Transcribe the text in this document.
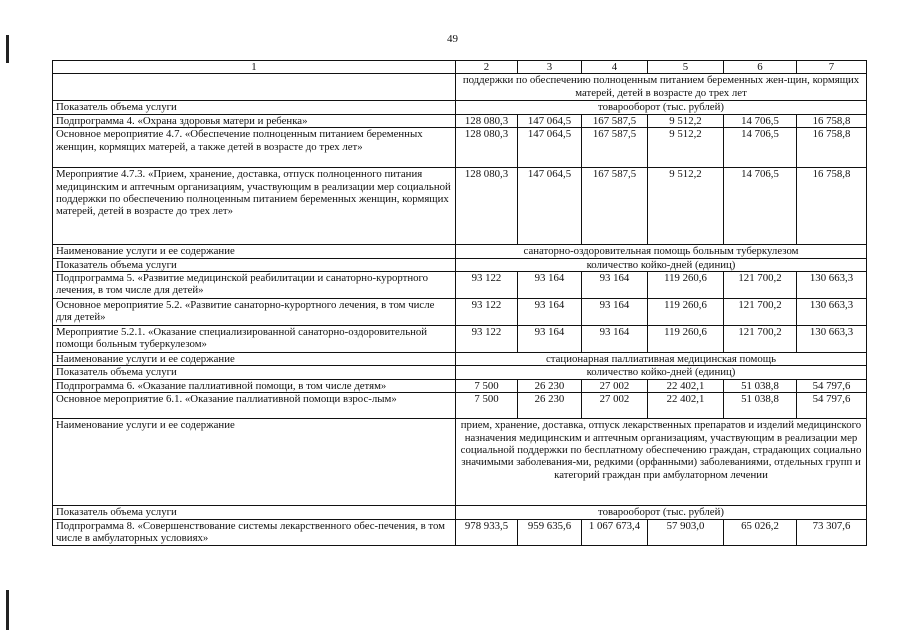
49
1	2	3	4	5	6	7
	поддержки по обеспечению полноценным питанием беременных жен-щин, кормящих матерей, детей в возрасте до трех лет					
Показатель объема услуги	товарооборот (тыс. рублей)					
Подпрограмма 4. «Охрана здоровья матери и ребенка»	128 080,3	147 064,5	167 587,5	9 512,2	14 706,5	16 758,8
Основное мероприятие 4.7. «Обеспечение полноценным питанием беременных женщин, кормящих матерей, а также детей в возрасте до трех лет»	128 080,3	147 064,5	167 587,5	9 512,2	14 706,5	16 758,8
Мероприятие 4.7.3. «Прием, хранение, доставка, отпуск полноценного питания медицинским и аптечным организациям, участвующим в реализации мер социальной поддержки по обеспечению полноценным питанием беременных женщин, кормящих матерей, детей в возрасте до трех лет»	128 080,3	147 064,5	167 587,5	9 512,2	14 706,5	16 758,8
Наименование услуги и ее содержание	санаторно-оздоровительная помощь больным туберкулезом					
Показатель объема услуги	количество койко-дней (единиц)					
Подпрограмма 5. «Развитие медицинской реабилитации и санаторно-курортного лечения, в том числе для детей»	93 122	93 164	93 164	119 260,6	121 700,2	130 663,3
Основное мероприятие 5.2. «Развитие санаторно-курортного лечения, в том числе для детей»	93 122	93 164	93 164	119 260,6	121 700,2	130 663,3
Мероприятие 5.2.1. «Оказание специализированной санаторно-оздоровительной помощи больным туберкулезом»	93 122	93 164	93 164	119 260,6	121 700,2	130 663,3
Наименование услуги и ее содержание	стационарная паллиативная медицинская помощь					
Показатель объема услуги	количество койко-дней (единиц)					
Подпрограмма 6. «Оказание паллиативной помощи, в том числе детям»	7 500	26 230	27 002	22 402,1	51 038,8	54 797,6
Основное мероприятие 6.1. «Оказание паллиативной помощи взрос-лым»	7 500	26 230	27 002	22 402,1	51 038,8	54 797,6
Наименование услуги и ее содержание	прием, хранение, доставка, отпуск лекарственных препаратов и изделий медицинского назначения медицинским и аптечным организациям, участвующим в реализации мер социальной поддержки по бесплатному обеспечению граждан, страдающих социально значимыми заболевания-ми, редкими (орфанными) заболеваниями, отдельных групп и категорий граждан при амбулаторном лечении					
Показатель объема услуги	товарооборот (тыс. рублей)					
Подпрограмма 8. «Совершенствование системы лекарственного обес-печения, в том числе в амбулаторных условиях»	978 933,5	959 635,6	1 067 673,4	57 903,0	65 026,2	73 307,6
